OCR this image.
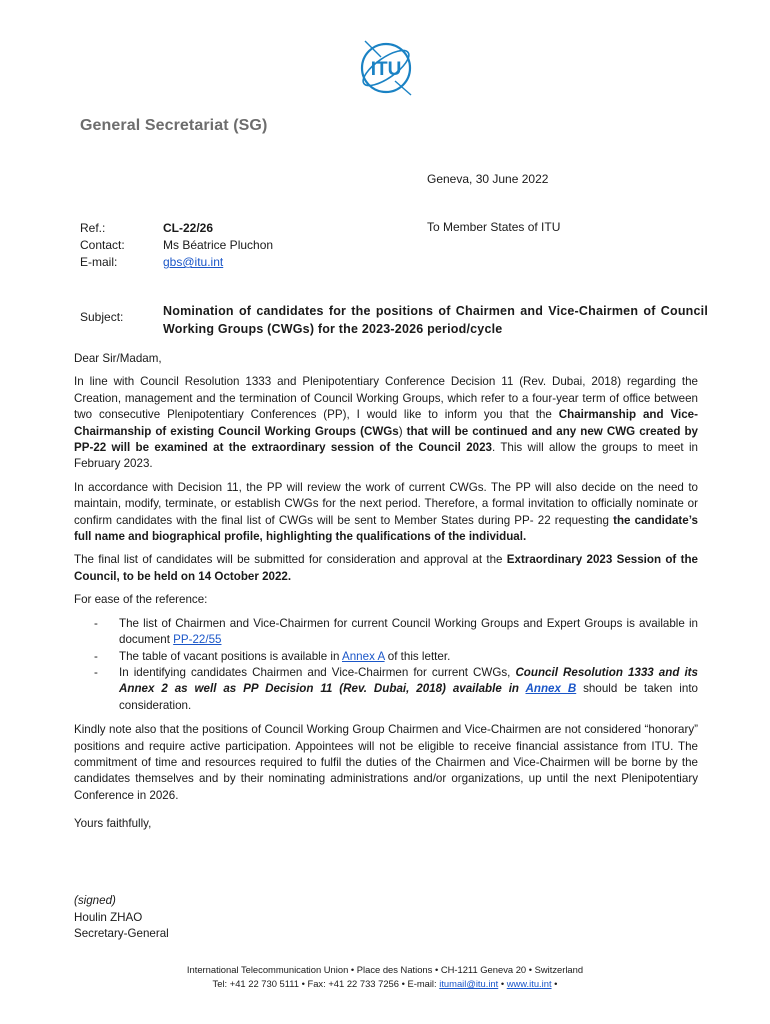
ITU
General Secretariat (SG)
Geneva, 30 June 2022
Ref.:
Contact:
E-mail:
CL-22/26
Ms Béatrice Pluchon
gbs@itu.int
To Member States of ITU
Subject:	Nomination of candidates for the positions of Chairmen and Vice-Chairmen of Council Working Groups (CWGs) for the 2023-2026 period/cycle

Dear Sir/Madam,

In line with Council Resolution 1333 and Plenipotentiary Conference Decision 11 (Rev. Dubai, 2018) regarding the Creation, management and the termination of Council Working Groups, which refer to a four-year term of office between two consecutive Plenipotentiary Conferences (PP), I would like to inform you that the Chairmanship and Vice-Chairmanship of existing Council Working Groups (CWGs) that will be continued and any new CWG created by PP-22 will be examined at the extraordinary session of the Council 2023. This will allow the groups to meet in February 2023.

In accordance with Decision 11, the PP will review the work of current CWGs. The PP will also decide on the need to maintain, modify, terminate, or establish CWGs for the next period. Therefore, a formal invitation to officially nominate or confirm candidates with the final list of CWGs will be sent to Member States during PP- 22 requesting the candidate’s full name and biographical profile, highlighting the qualifications of the individual.

The final list of candidates will be submitted for consideration and approval at the Extraordinary 2023 Session of the Council, to be held on 14 October 2022.

For ease of the reference:

- The list of Chairmen and Vice-Chairmen for current Council Working Groups and Expert Groups is available in document PP-22/55
- The table of vacant positions is available in Annex A of this letter.
- In identifying candidates Chairmen and Vice-Chairmen for current CWGs, Council Resolution 1333 and its Annex 2 as well as PP Decision 11 (Rev. Dubai, 2018) available in Annex B should be taken into consideration.

Kindly note also that the positions of Council Working Group Chairmen and Vice-Chairmen are not considered “honorary” positions and require active participation. Appointees will not be eligible to receive financial assistance from ITU. The commitment of time and resources required to fulfil the duties of the Chairmen and Vice-Chairmen will be borne by the candidates themselves and by their nominating administrations and/or organizations, up until the next Plenipotentiary Conference in 2026.

Yours faithfully,

(signed)
Houlin ZHAO
Secretary-General
International Telecommunication Union • Place des Nations • CH-1211 Geneva 20 • Switzerland
Tel: +41 22 730 5111 • Fax: +41 22 733 7256 • E-mail: itumail@itu.int • www.itu.int •
